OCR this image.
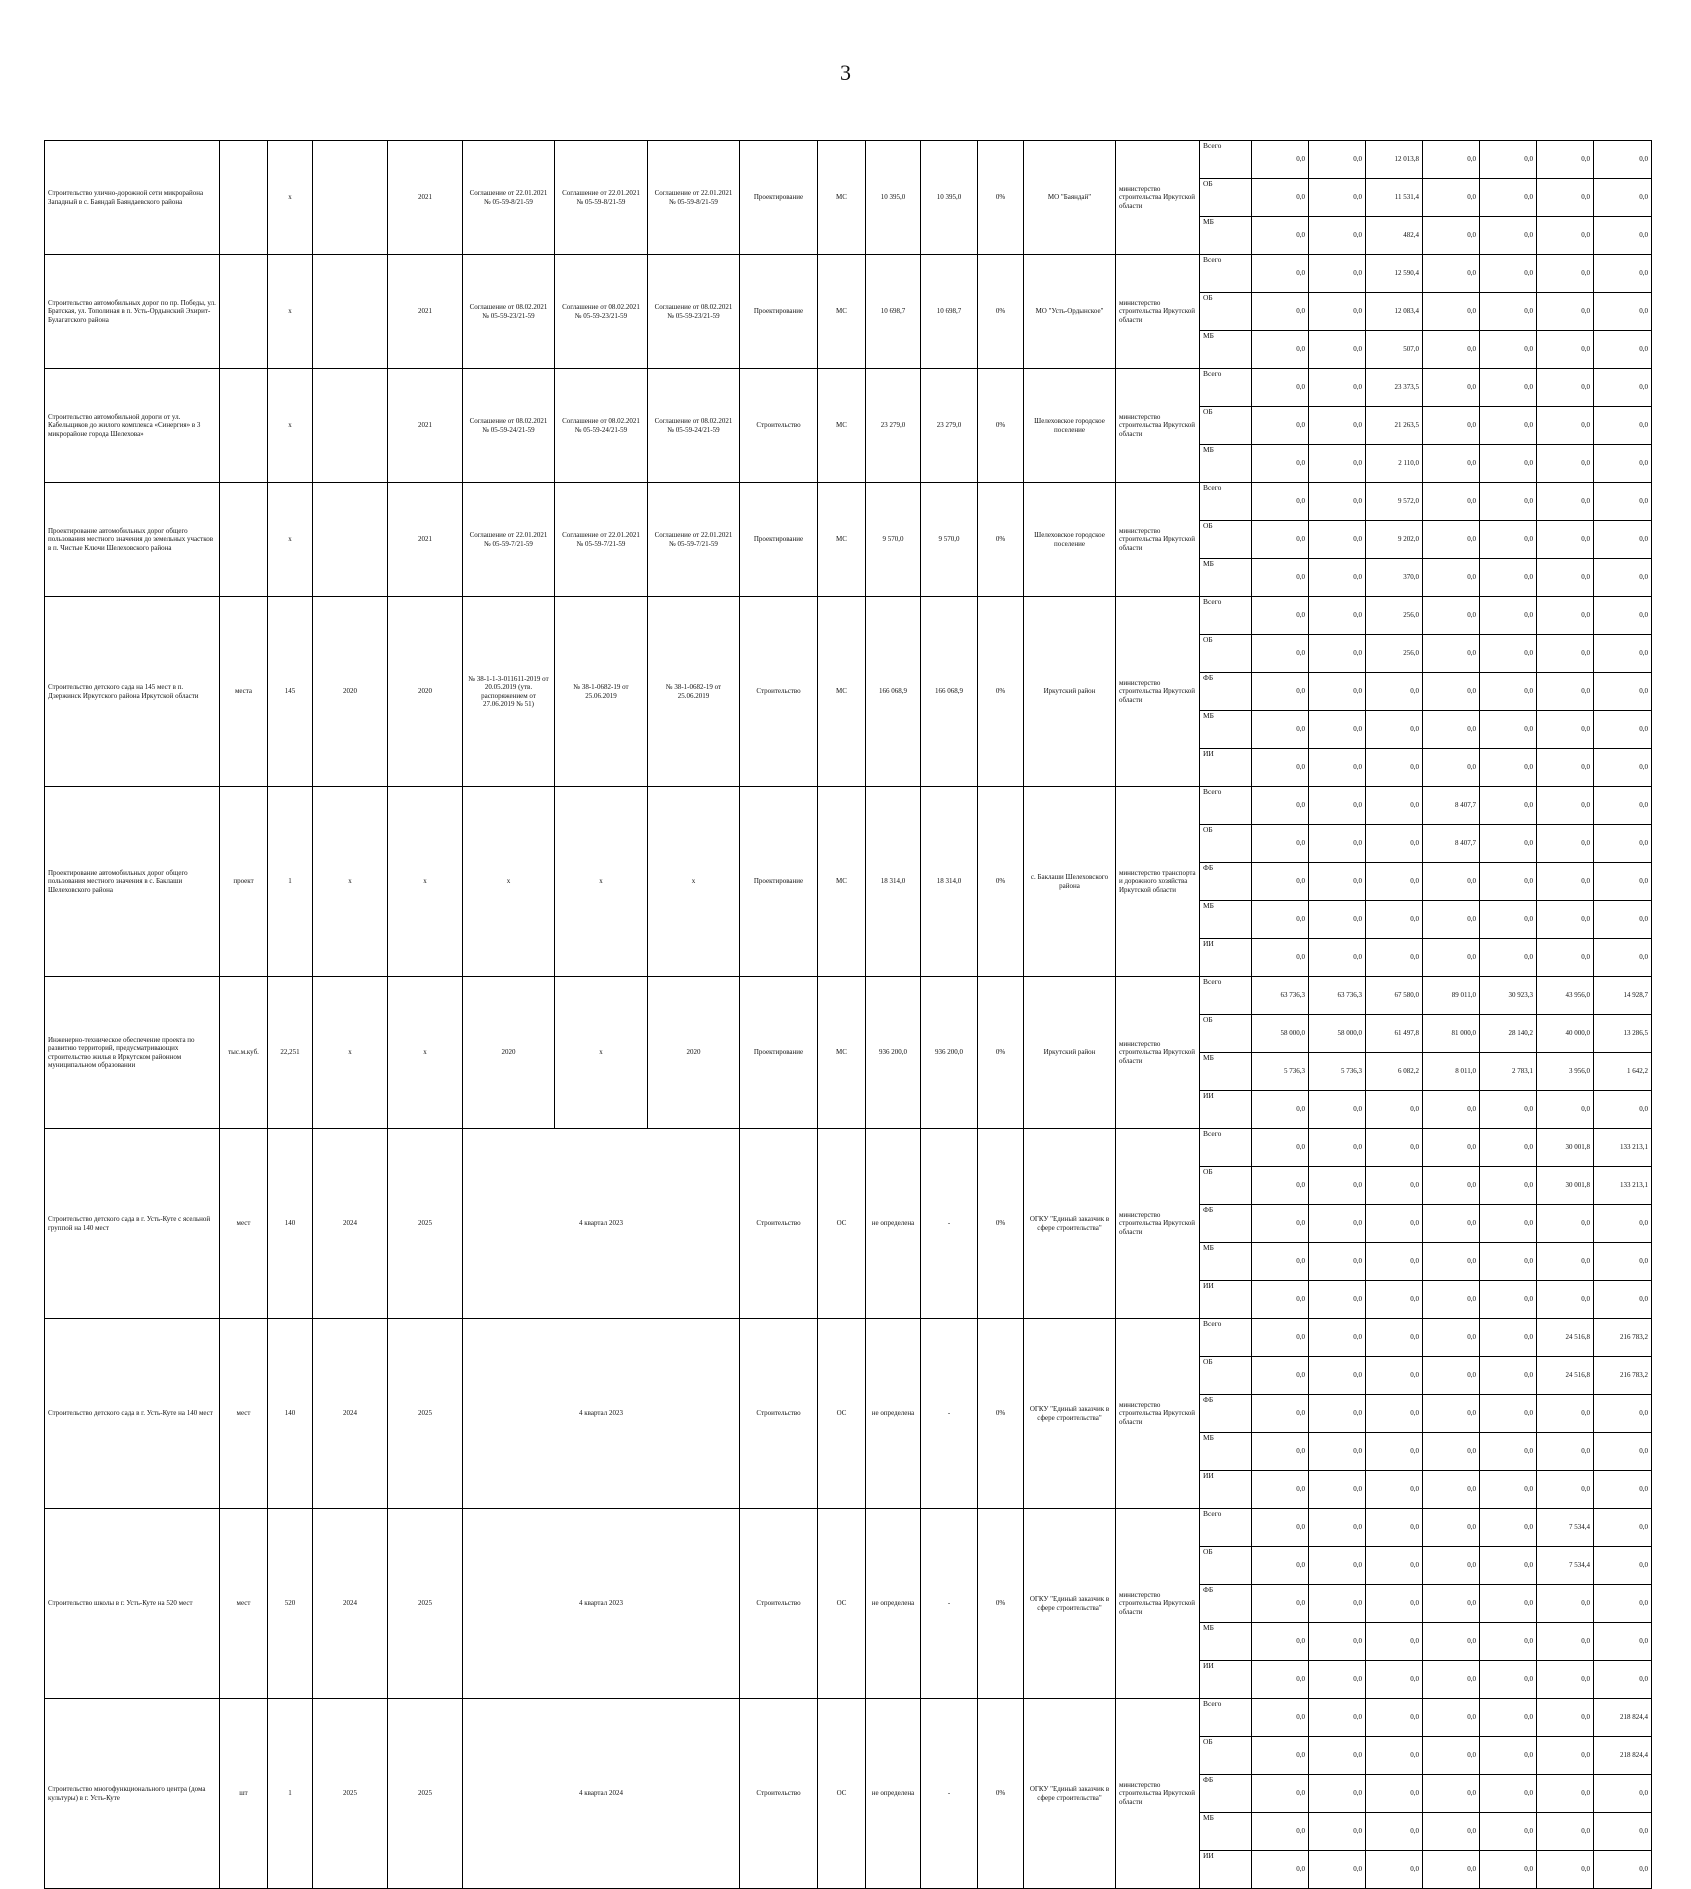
3
Строительство улично-дорожной сети микрорайона Западный в с. Баяндай Баяндаевского района		x		2021	Соглашение от 22.01.2021 № 05-59-8/21-59	Соглашение от 22.01.2021 № 05-59-8/21-59	Соглашение от 22.01.2021 № 05-59-8/21-59	Проектирование	МС	10 395,0	10 395,0	0%	МО "Баяндай"	министерство строительства Иркутской области	Всего	0,0	0,0	12 013,8	0,0	0,0	0,0	0,0
															ОБ	0,0	0,0	11 531,4	0,0	0,0	0,0	0,0
															МБ	0,0	0,0	482,4	0,0	0,0	0,0	0,0
Строительство автомобильных дорог по пр. Победы, ул. Братская, ул. Тополиная в п. Усть-Ордынский Эхирит-Булагатского района		x		2021	Соглашение от 08.02.2021 № 05-59-23/21-59	Соглашение от 08.02.2021 № 05-59-23/21-59	Соглашение от 08.02.2021 № 05-59-23/21-59	Проектирование	МС	10 698,7	10 698,7	0%	МО "Усть-Ордынское"	министерство строительства Иркутской области	Всего	0,0	0,0	12 590,4	0,0	0,0	0,0	0,0
															ОБ	0,0	0,0	12 083,4	0,0	0,0	0,0	0,0
															МБ	0,0	0,0	507,0	0,0	0,0	0,0	0,0
Строительство автомобильной дороги от ул. Кабельщиков до жилого комплекса «Синергия» в 3 микрорайоне города Шелехова»		x		2021	Соглашение от 08.02.2021 № 05-59-24/21-59	Соглашение от 08.02.2021 № 05-59-24/21-59	Соглашение от 08.02.2021 № 05-59-24/21-59	Строительство	МС	23 279,0	23 279,0	0%	Шелеховское городское поселение	министерство строительства Иркутской области	Всего	0,0	0,0	23 373,5	0,0	0,0	0,0	0,0
															ОБ	0,0	0,0	21 263,5	0,0	0,0	0,0	0,0
															МБ	0,0	0,0	2 110,0	0,0	0,0	0,0	0,0
Проектирование автомобильных дорог общего пользования местного значения до земельных участков в п. Чистые Ключи Шелеховского района		x		2021	Соглашение от 22.01.2021 № 05-59-7/21-59	Соглашение от 22.01.2021 № 05-59-7/21-59	Соглашение от 22.01.2021 № 05-59-7/21-59	Проектирование	МС	9 570,0	9 570,0	0%	Шелеховское городское поселение	министерство строительства Иркутской области	Всего	0,0	0,0	9 572,0	0,0	0,0	0,0	0,0
															ОБ	0,0	0,0	9 202,0	0,0	0,0	0,0	0,0
															МБ	0,0	0,0	370,0	0,0	0,0	0,0	0,0
Строительство детского сада на 145 мест в п. Дзержинск Иркутского района Иркутской области	места	145	2020	2020	№ 38-1-1-3-011611-2019 от 20.05.2019 (утв. распоряжением от 27.06.2019 № 51)	№ 38-1-0682-19 от 25.06.2019	№ 38-1-0682-19 от 25.06.2019	Строительство	МС	166 068,9	166 068,9	0%	Иркутский район	министерство строительства Иркутской области	Всего	0,0	0,0	256,0	0,0	0,0	0,0	0,0
															ОБ	0,0	0,0	256,0	0,0	0,0	0,0	0,0
															ФБ	0,0	0,0	0,0	0,0	0,0	0,0	0,0
															МБ	0,0	0,0	0,0	0,0	0,0	0,0	0,0
															ИИ	0,0	0,0	0,0	0,0	0,0	0,0	0,0
Проектирование автомобильных дорог общего пользования местного значения в с. Баклаши Шелеховского района	проект	1	x	x	x	x	x	Проектирование	МС	18 314,0	18 314,0	0%	с. Баклаши Шелеховского района	министерство транспорта и дорожного хозяйства Иркутской области	Всего	0,0	0,0	0,0	8 407,7	0,0	0,0	0,0
															ОБ	0,0	0,0	0,0	8 407,7	0,0	0,0	0,0
															ФБ	0,0	0,0	0,0	0,0	0,0	0,0	0,0
															МБ	0,0	0,0	0,0	0,0	0,0	0,0	0,0
															ИИ	0,0	0,0	0,0	0,0	0,0	0,0	0,0
Инженерно-техническое обеспечение проекта по развитию территорий, предусматривающих строительство жилья в Иркутском районном муниципальном образовании	тыс.м.куб.	22,251	x	x	2020	x	2020	Проектирование	МС	936 200,0	936 200,0	0%	Иркутский район	министерство строительства Иркутской области	Всего	63 736,3	63 736,3	67 580,0	89 011,0	30 923,3	43 956,0	14 928,7
															ОБ	58 000,0	58 000,0	61 497,8	81 000,0	28 140,2	40 000,0	13 286,5
															МБ	5 736,3	5 736,3	6 082,2	8 011,0	2 783,1	3 956,0	1 642,2
															ИИ	0,0	0,0	0,0	0,0	0,0	0,0	0,0
Строительство детского сада в г. Усть-Куте с ясельной группой на 140 мест	мест	140	2024	2025	4 квартал 2023			Строительство	ОС	не определена	-	0%	ОГКУ "Единый заказчик в сфере строительства"	министерство строительства Иркутской области	Всего	0,0	0,0	0,0	0,0	0,0	30 001,8	133 213,1
															ОБ	0,0	0,0	0,0	0,0	0,0	30 001,8	133 213,1
															ФБ	0,0	0,0	0,0	0,0	0,0	0,0	0,0
															МБ	0,0	0,0	0,0	0,0	0,0	0,0	0,0
															ИИ	0,0	0,0	0,0	0,0	0,0	0,0	0,0
Строительство детского сада в г. Усть-Куте на 140 мест	мест	140	2024	2025	4 квартал 2023			Строительство	ОС	не определена	-	0%	ОГКУ "Единый заказчик в сфере строительства"	министерство строительства Иркутской области	Всего	0,0	0,0	0,0	0,0	0,0	24 516,8	216 783,2
															ОБ	0,0	0,0	0,0	0,0	0,0	24 516,8	216 783,2
															ФБ	0,0	0,0	0,0	0,0	0,0	0,0	0,0
															МБ	0,0	0,0	0,0	0,0	0,0	0,0	0,0
															ИИ	0,0	0,0	0,0	0,0	0,0	0,0	0,0
Строительство школы в г. Усть-Куте на 520 мест	мест	520	2024	2025	4 квартал 2023			Строительство	ОС	не определена	-	0%	ОГКУ "Единый заказчик в сфере строительства"	министерство строительства Иркутской области	Всего	0,0	0,0	0,0	0,0	0,0	7 534,4	0,0
															ОБ	0,0	0,0	0,0	0,0	0,0	7 534,4	0,0
															ФБ	0,0	0,0	0,0	0,0	0,0	0,0	0,0
															МБ	0,0	0,0	0,0	0,0	0,0	0,0	0,0
															ИИ	0,0	0,0	0,0	0,0	0,0	0,0	0,0
Строительство многофункционального центра (дома культуры) в г. Усть-Куте	шт	1	2025	2025	4 квартал 2024			Строительство	ОС	не определена	-	0%	ОГКУ "Единый заказчик в сфере строительства"	министерство строительства Иркутской области	Всего	0,0	0,0	0,0	0,0	0,0	0,0	218 824,4
															ОБ	0,0	0,0	0,0	0,0	0,0	0,0	218 824,4
															ФБ	0,0	0,0	0,0	0,0	0,0	0,0	0,0
															МБ	0,0	0,0	0,0	0,0	0,0	0,0	0,0
															ИИ	0,0	0,0	0,0	0,0	0,0	0,0	0,0
